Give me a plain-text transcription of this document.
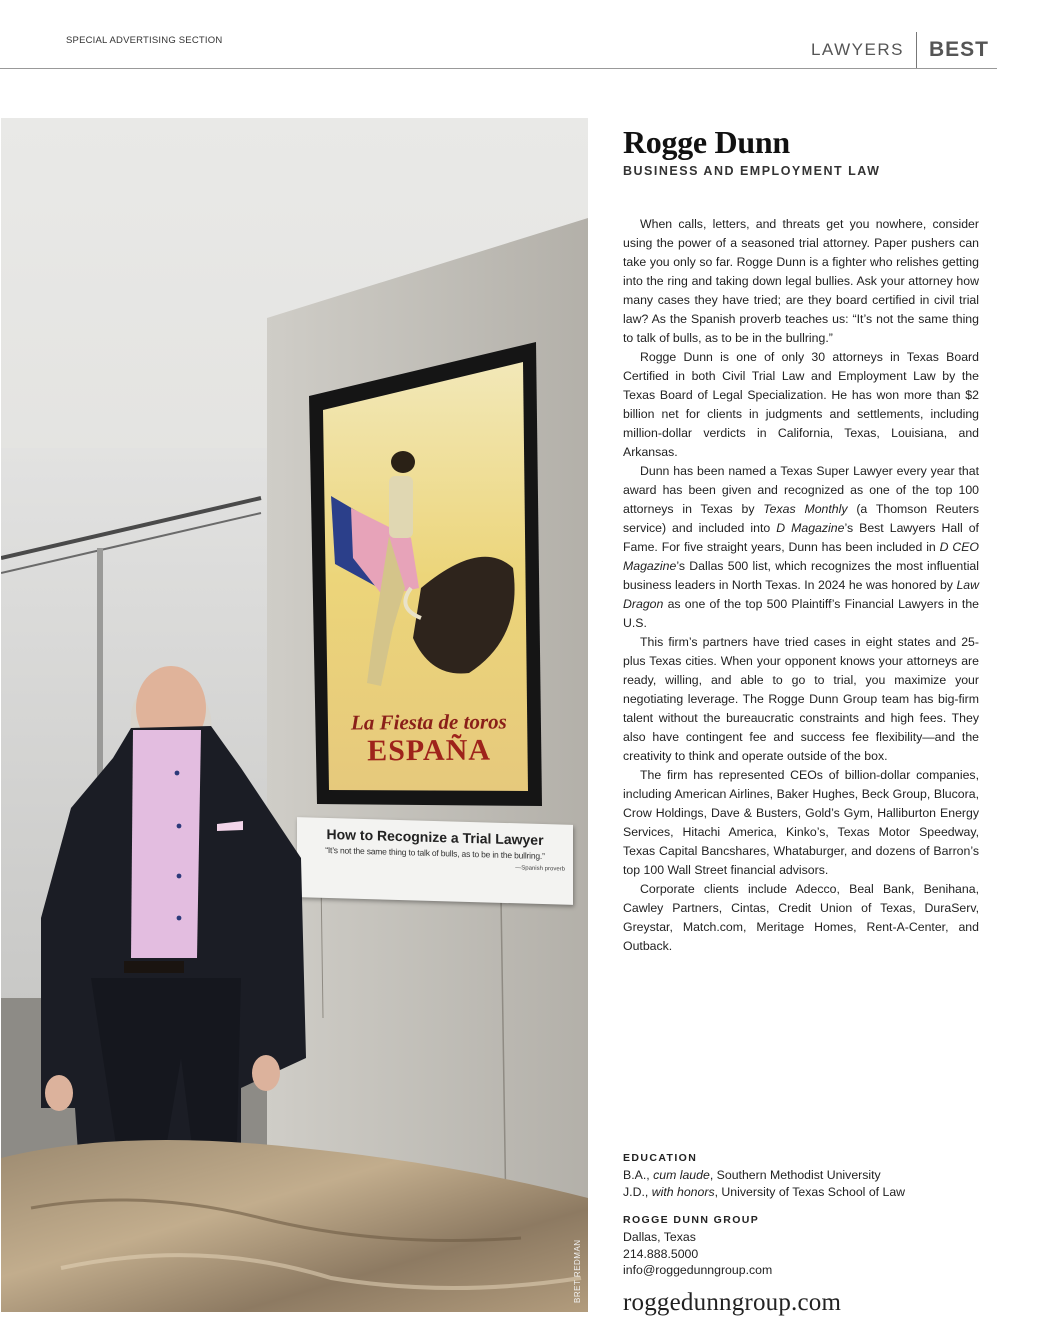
SPECIAL ADVERTISING SECTION	LAWYERS	BEST
La Fiesta de toros
ESPAÑA
How to Recognize a Trial Lawyer
“It’s not the same thing to talk of bulls, as to be in the bullring.”
—Spanish proverb
BRET REDMAN
Rogge Dunn
BUSINESS AND EMPLOYMENT LAW

When calls, letters, and threats get you nowhere, consider using the power of a seasoned trial attorney. Paper pushers can take you only so far. Rogge Dunn is a fighter who relishes getting into the ring and taking down legal bullies. Ask your attorney how many cases they have tried; are they board certified in civil trial law? As the Spanish proverb teaches us: “It’s not the same thing to talk of bulls, as to be in the bullring.”

Rogge Dunn is one of only 30 attorneys in Texas Board Certified in both Civil Trial Law and Employment Law by the Texas Board of Legal Specialization. He has won more than $2 billion net for clients in judgments and settlements, including million-dollar verdicts in California, Texas, Louisiana, and Arkansas.

Dunn has been named a Texas Super Lawyer every year that award has been given and recognized as one of the top 100 attorneys in Texas by Texas Monthly (a Thomson Reuters service) and included into D Magazine’s Best Lawyers Hall of Fame. For five straight years, Dunn has been included in D CEO Magazine’s Dallas 500 list, which recognizes the most influential business leaders in North Texas. In 2024 he was honored by Law Dragon as one of the top 500 Plaintiff’s Financial Lawyers in the U.S.

This firm’s partners have tried cases in eight states and 25-plus Texas cities. When your opponent knows your attorneys are ready, willing, and able to go to trial, you maximize your negotiating leverage. The Rogge Dunn Group team has big-firm talent without the bureaucratic constraints and high fees. They also have contingent fee and success fee flexibility—and the creativity to think and operate outside of the box.

The firm has represented CEOs of billion-dollar companies, including American Airlines, Baker Hughes, Beck Group, Blucora, Crow Holdings, Dave & Busters, Gold’s Gym, Halliburton Energy Services, Hitachi America, Kinko’s, Texas Motor Speedway, Texas Capital Bancshares, Whataburger, and dozens of Barron’s top 100 Wall Street financial advisors.

Corporate clients include Adecco, Beal Bank, Benihana, Cawley Partners, Cintas, Credit Union of Texas, DuraServ, Greystar, Match.com, Meritage Homes, Rent-A-Center, and Outback.

EDUCATION
B.A., cum laude, Southern Methodist University
J.D., with honors, University of Texas School of Law
ROGGE DUNN GROUP
Dallas, Texas
214.888.5000
info@roggedunngroup.com
roggedunngroup.com
